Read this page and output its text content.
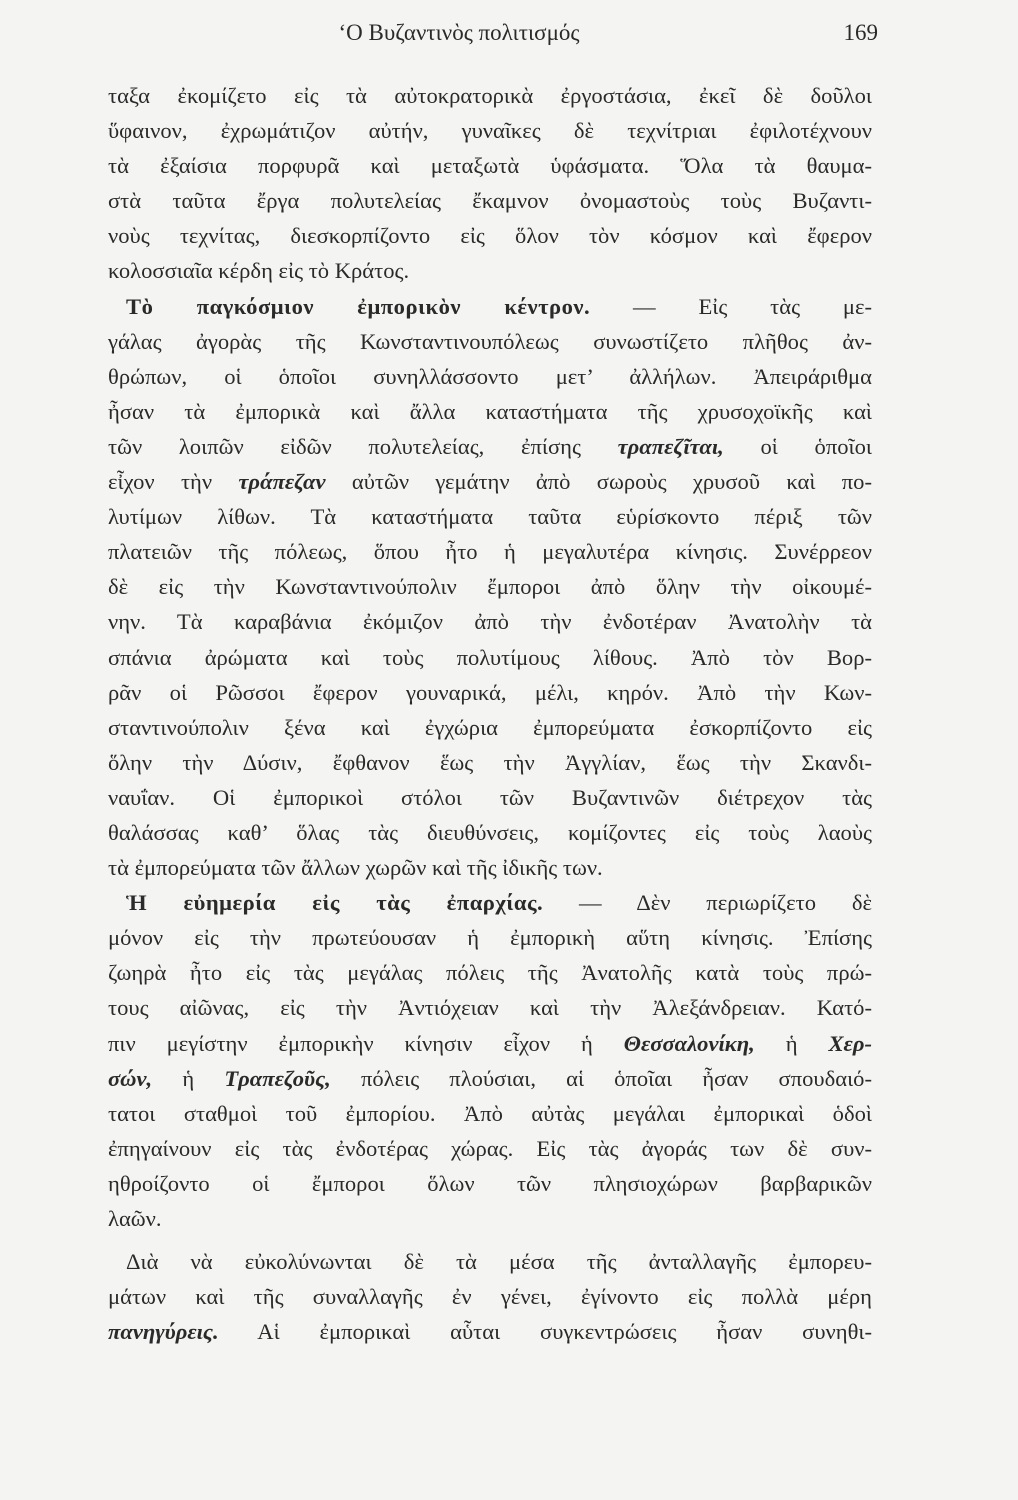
‘Ο Βυζαντινὸς πολιτισμός	169
ταξα ἐκομίζετο εἰς τὰ αὐτοκρατορικὰ ἐργοστάσια, ἐκεῖ δὲ δοῦλοι
ὕφαινον, ἐχρωμάτιζον αὐτήν, γυναῖκες δὲ τεχνίτριαι ἐφιλοτέχνουν
τὰ ἐξαίσια πορφυρᾶ καὶ μεταξωτὰ ὑφάσματα. Ὅλα τὰ θαυμα-
στὰ ταῦτα ἔργα πολυτελείας ἔκαμνον ὀνομαστοὺς τοὺς Βυζαντι-
νοὺς τεχνίτας, διεσκορπίζοντο εἰς ὅλον τὸν κόσμον καὶ ἔφερον
κολοσσιαῖα κέρδη εἰς τὸ Κράτος.
Τὸ παγκόσμιον ἐμπορικὸν κέντρον. — Εἰς τὰς με-
γάλας ἀγορὰς τῆς Κωνσταντινουπόλεως συνωστίζετο πλῆθος ἀν-
θρώπων, οἱ ὁποῖοι συνηλλάσσοντο μετ’ ἀλλήλων. Ἀπειράριθμα
ἦσαν τὰ ἐμπορικὰ καὶ ἄλλα καταστήματα τῆς χρυσοχοϊκῆς καὶ
τῶν λοιπῶν εἰδῶν πολυτελείας, ἐπίσης τραπεζῖται, οἱ ὁποῖοι
εἶχον τὴν τράπεζαν αὐτῶν γεμάτην ἀπὸ σωροὺς χρυσοῦ καὶ πο-
λυτίμων λίθων. Τὰ καταστήματα ταῦτα εὑρίσκοντο πέριξ τῶν
πλατειῶν τῆς πόλεως, ὅπου ἦτο ἡ μεγαλυτέρα κίνησις. Συνέρρεον
δὲ εἰς τὴν Κωνσταντινούπολιν ἔμποροι ἀπὸ ὅλην τὴν οἰκουμέ-
νην. Τὰ καραβάνια ἐκόμιζον ἀπὸ τὴν ἐνδοτέραν Ἀνατολὴν τὰ
σπάνια ἀρώματα καὶ τοὺς πολυτίμους λίθους. Ἀπὸ τὸν Βορ-
ρᾶν οἱ Ρῶσσοι ἔφερον γουναρικά, μέλι, κηρόν. Ἀπὸ τὴν Κων-
σταντινούπολιν ξένα καὶ ἐγχώρια ἐμπορεύματα ἐσκορπίζοντο εἰς
ὅλην τὴν Δύσιν, ἔφθανον ἕως τὴν Ἀγγλίαν, ἕως τὴν Σκανδι-
ναυΐαν. Οἱ ἐμπορικοὶ στόλοι τῶν Βυζαντινῶν διέτρεχον τὰς
θαλάσσας καθ’ ὅλας τὰς διευθύνσεις, κομίζοντες εἰς τοὺς λαοὺς
τὰ ἐμπορεύματα τῶν ἄλλων χωρῶν καὶ τῆς ἰδικῆς των.
Ἡ εὐημερία εἰς τὰς ἐπαρχίας. — Δὲν περιωρίζετο δὲ
μόνον εἰς τὴν πρωτεύουσαν ἡ ἐμπορικὴ αὕτη κίνησις. Ἐπίσης
ζωηρὰ ἦτο εἰς τὰς μεγάλας πόλεις τῆς Ἀνατολῆς κατὰ τοὺς πρώ-
τους αἰῶνας, εἰς τὴν Ἀντιόχειαν καὶ τὴν Ἀλεξάνδρειαν. Κατό-
πιν μεγίστην ἐμπορικὴν κίνησιν εἶχον ἡ Θεσσαλονίκη, ἡ Χερ-
σών, ἡ Τραπεζοῦς, πόλεις πλούσιαι, αἱ ὁποῖαι ἦσαν σπουδαιό-
τατοι σταθμοὶ τοῦ ἐμπορίου. Ἀπὸ αὐτὰς μεγάλαι ἐμπορικαὶ ὁδοὶ
ἐπηγαίνουν εἰς τὰς ἐνδοτέρας χώρας. Εἰς τὰς ἀγοράς των δὲ συν-
ηθροίζοντο οἱ ἔμποροι ὅλων τῶν πλησιοχώρων βαρβαρικῶν
λαῶν.
Διὰ νὰ εὐκολύνωνται δὲ τὰ μέσα τῆς ἀνταλλαγῆς ἐμπορευ-
μάτων καὶ τῆς συναλλαγῆς ἐν γένει, ἐγίνοντο εἰς πολλὰ μέρη
πανηγύρεις. Αἱ ἐμπορικαὶ αὗται συγκεντρώσεις ἦσαν συνηθι-
